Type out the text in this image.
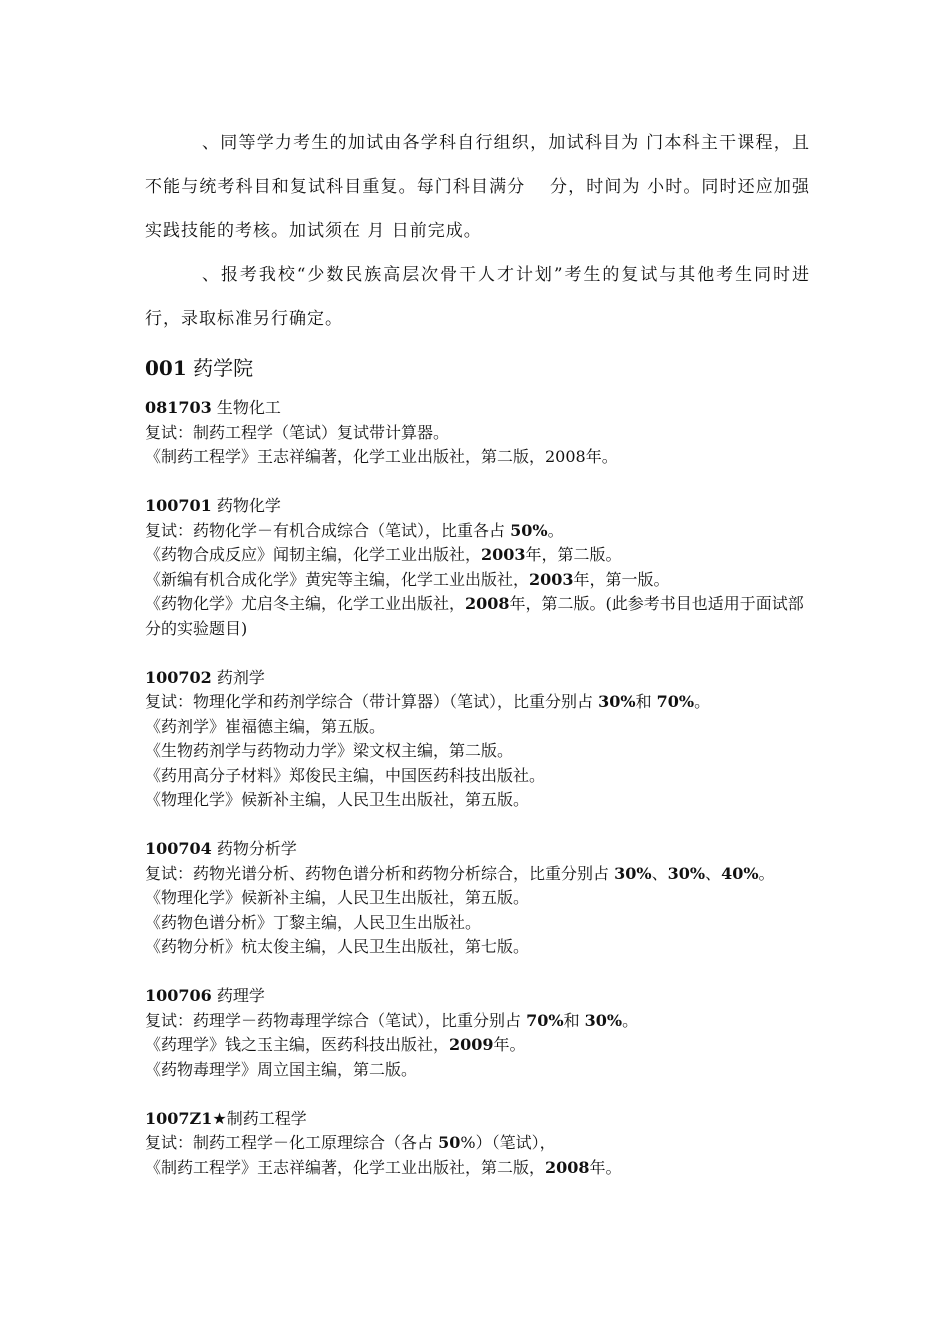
、同等学力考生的加试由各学科自行组织，加试科目为 门本科主干课程，且不能与统考科目和复试科目重复。每门科目满分　 分，时间为 小时。同时还应加强实践技能的考核。加试须在 月 日前完成。

、报考我校“少数民族高层次骨干人才计划”考生的复试与其他考生同时进行，录取标准另行确定。

001 药学院
081703 生物化工

复试：制药工程学（笔试）复试带计算器。

《制药工程学》王志祥编著，化学工业出版社，第二版，2008年。

100701 药物化学

复试：药物化学－有机合成综合（笔试），比重各占 50%。

《药物合成反应》闻韧主编，化学工业出版社，2003年，第二版。

《新编有机合成化学》黄宪等主编，化学工业出版社，2003年，第一版。

《药物化学》尤启冬主编，化学工业出版社，2008年，第二版。(此参考书目也适用于面试部分的实验题目)

100702 药剂学

复试：物理化学和药剂学综合（带计算器）（笔试），比重分别占 30%和 70%。

《药剂学》崔福德主编，第五版。

《生物药剂学与药物动力学》梁文权主编，第二版。

《药用高分子材料》郑俊民主编，中国医药科技出版社。

《物理化学》候新补主编，人民卫生出版社，第五版。

100704 药物分析学

复试：药物光谱分析、药物色谱分析和药物分析综合，比重分别占 30%、30%、40%。

《物理化学》候新补主编，人民卫生出版社，第五版。

《药物色谱分析》丁黎主编，人民卫生出版社。

《药物分析》杭太俊主编，人民卫生出版社，第七版。

100706 药理学

复试：药理学－药物毒理学综合（笔试），比重分别占 70%和 30%。

《药理学》钱之玉主编，医药科技出版社，2009年。

《药物毒理学》周立国主编，第二版。

1007Z1★制药工程学

复试：制药工程学－化工原理综合（各占 50%）（笔试），

《制药工程学》王志祥编著，化学工业出版社，第二版，2008年。
